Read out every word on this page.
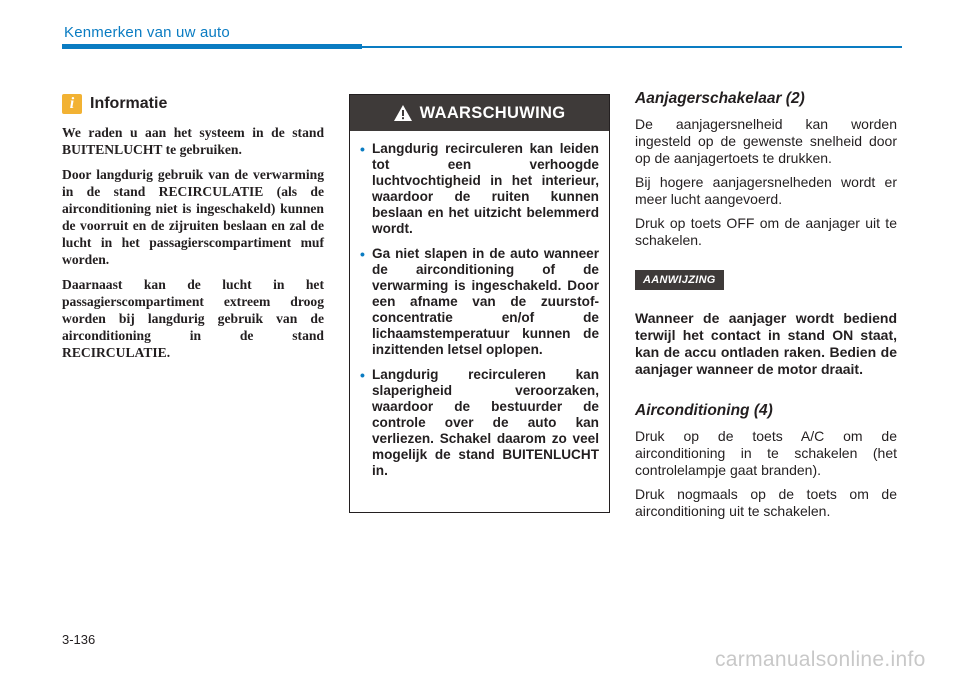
Kenmerken van uw auto
i Informatie

We raden u aan het systeem in de stand BUITENLUCHT te gebruiken.

Door langdurig gebruik van de verwarming in de stand RECIRCULATIE (als de airconditioning niet is ingeschakeld) kunnen de voorruit en de zijruiten beslaan en zal de lucht in het passagierscompartiment muf worden.

Daarnaast kan de lucht in het passagierscompartiment extreem droog worden bij langdurig gebruik van de airconditioning in de stand RECIRCULATIE.

WAARSCHUWING
• Langdurig recirculeren kan leiden tot een verhoogde luchtvochtigheid in het interieur, waardoor de ruiten kunnen beslaan en het uitzicht belemmerd wordt.
• Ga niet slapen in de auto wanneer de airconditioning of de verwarming is ingeschakeld. Door een afname van de zuurstof-concentratie en/of de lichaamstemperatuur kunnen de inzittenden letsel oplopen.
• Langdurig recirculeren kan slaperigheid veroorzaken, waardoor de bestuurder de controle over de auto kan verliezen. Schakel daarom zo veel mogelijk de stand BUITENLUCHT in.
Aanjagerschakelaar (2)

De aanjagersnelheid kan worden ingesteld op de gewenste snelheid door op de aanjagertoets te drukken.

Bij hogere aanjagersnelheden wordt er meer lucht aangevoerd.

Druk op toets OFF om de aanjager uit te schakelen.

AANWIJZING

Wanneer de aanjager wordt bediend terwijl het contact in stand ON staat, kan de accu ontladen raken. Bedien de aanjager wanneer de motor draait.

Airconditioning (4)

Druk op de toets A/C om de airconditioning in te schakelen (het controlelampje gaat branden).

Druk nogmaals op de toets om de airconditioning uit te schakelen.

3-136
carmanualsonline.info
